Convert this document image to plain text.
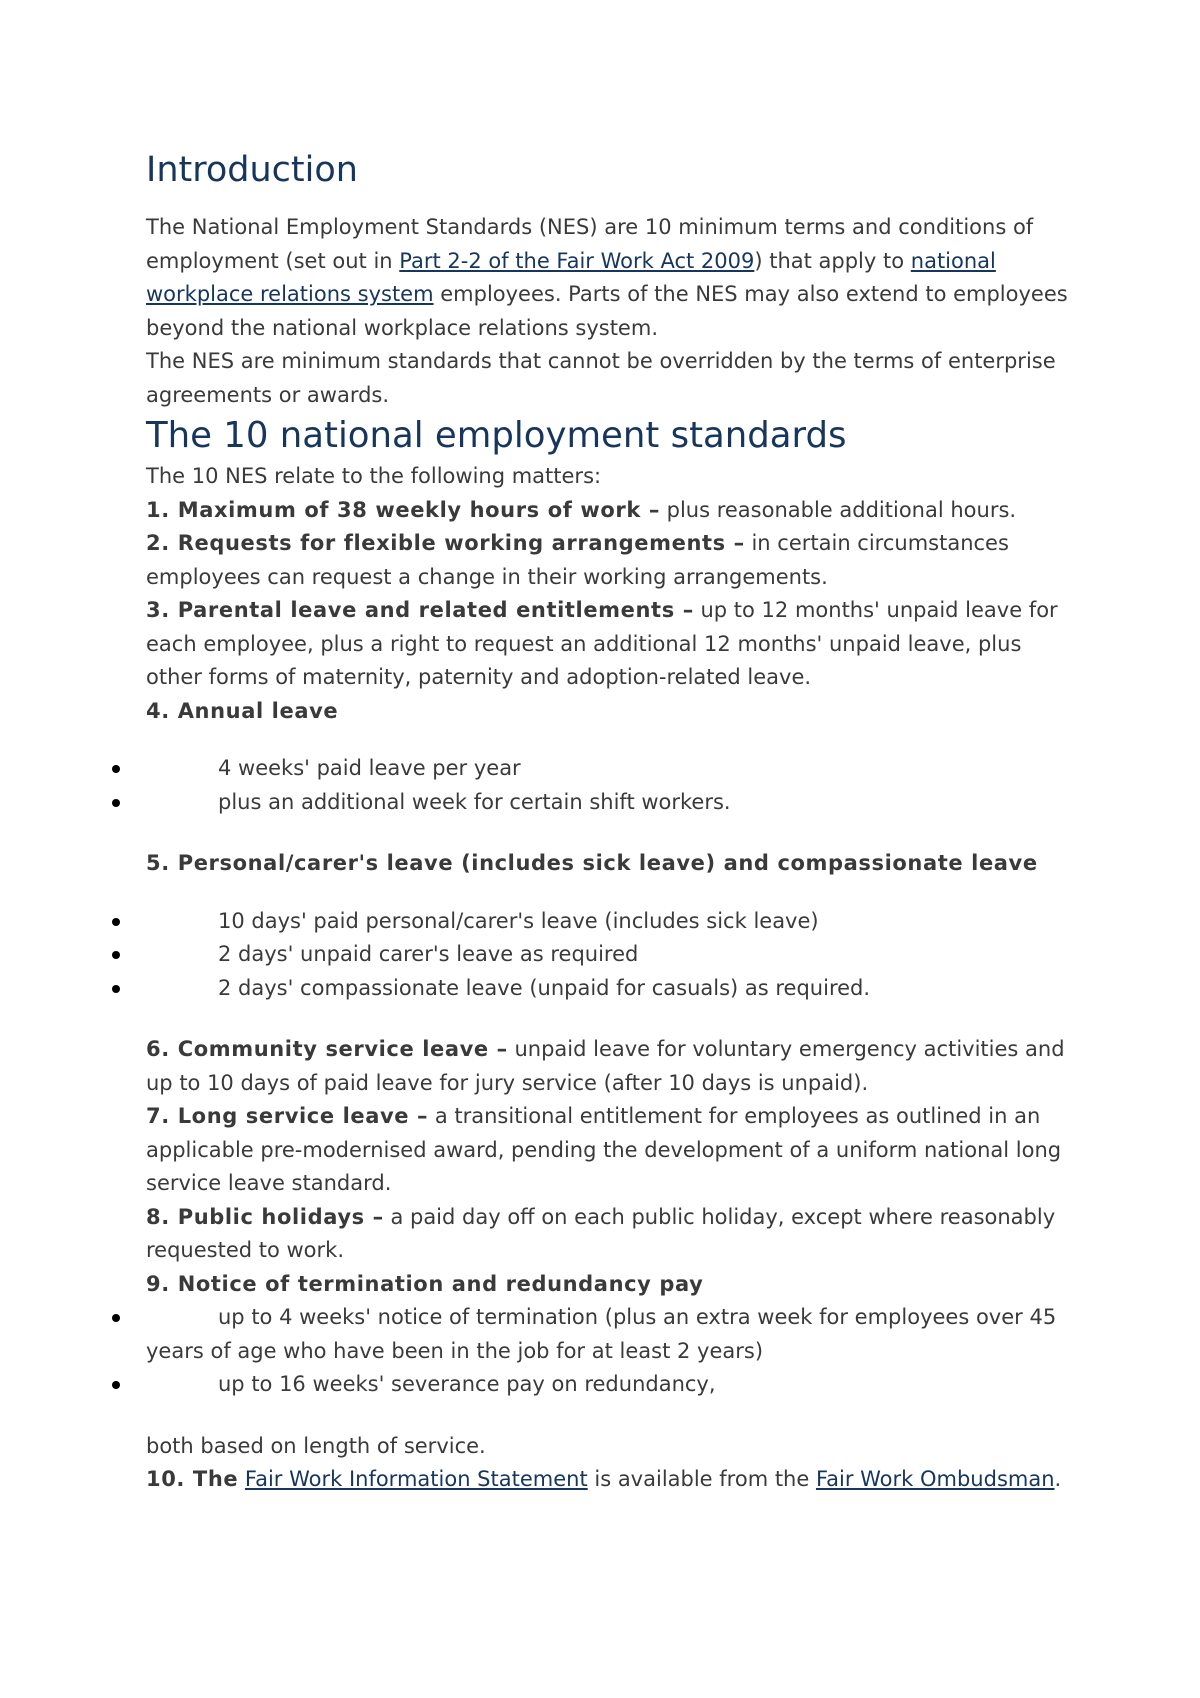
Introduction

The National Employment Standards (NES) are 10 minimum terms and conditions of employment (set out in Part 2-2 of the Fair Work Act 2009) that apply to national workplace relations system employees. Parts of the NES may also extend to employees beyond the national workplace relations system.

The NES are minimum standards that cannot be overridden by the terms of enterprise agreements or awards.

The 10 national employment standards

The 10 NES relate to the following matters:

1. Maximum of 38 weekly hours of work – plus reasonable additional hours.

2. Requests for flexible working arrangements – in certain circumstances employees can request a change in their working arrangements.

3. Parental leave and related entitlements – up to 12 months' unpaid leave for each employee, plus a right to request an additional 12 months' unpaid leave, plus other forms of maternity, paternity and adoption-related leave.

4. Annual leave

4 weeks' paid leave per year
plus an additional week for certain shift workers.

5. Personal/carer's leave (includes sick leave) and compassionate leave

10 days' paid personal/carer's leave (includes sick leave)
2 days' unpaid carer's leave as required
2 days' compassionate leave (unpaid for casuals) as required.

6. Community service leave – unpaid leave for voluntary emergency activities and up to 10 days of paid leave for jury service (after 10 days is unpaid).

7. Long service leave – a transitional entitlement for employees as outlined in an applicable pre-modernised award, pending the development of a uniform national long service leave standard.

8. Public holidays – a paid day off on each public holiday, except where reasonably requested to work.

9. Notice of termination and redundancy pay

up to 4 weeks' notice of termination (plus an extra week for employees over 45 years of age who have been in the job for at least 2 years)
up to 16 weeks' severance pay on redundancy,

both based on length of service.

10. The Fair Work Information Statement is available from the Fair Work Ombudsman.
